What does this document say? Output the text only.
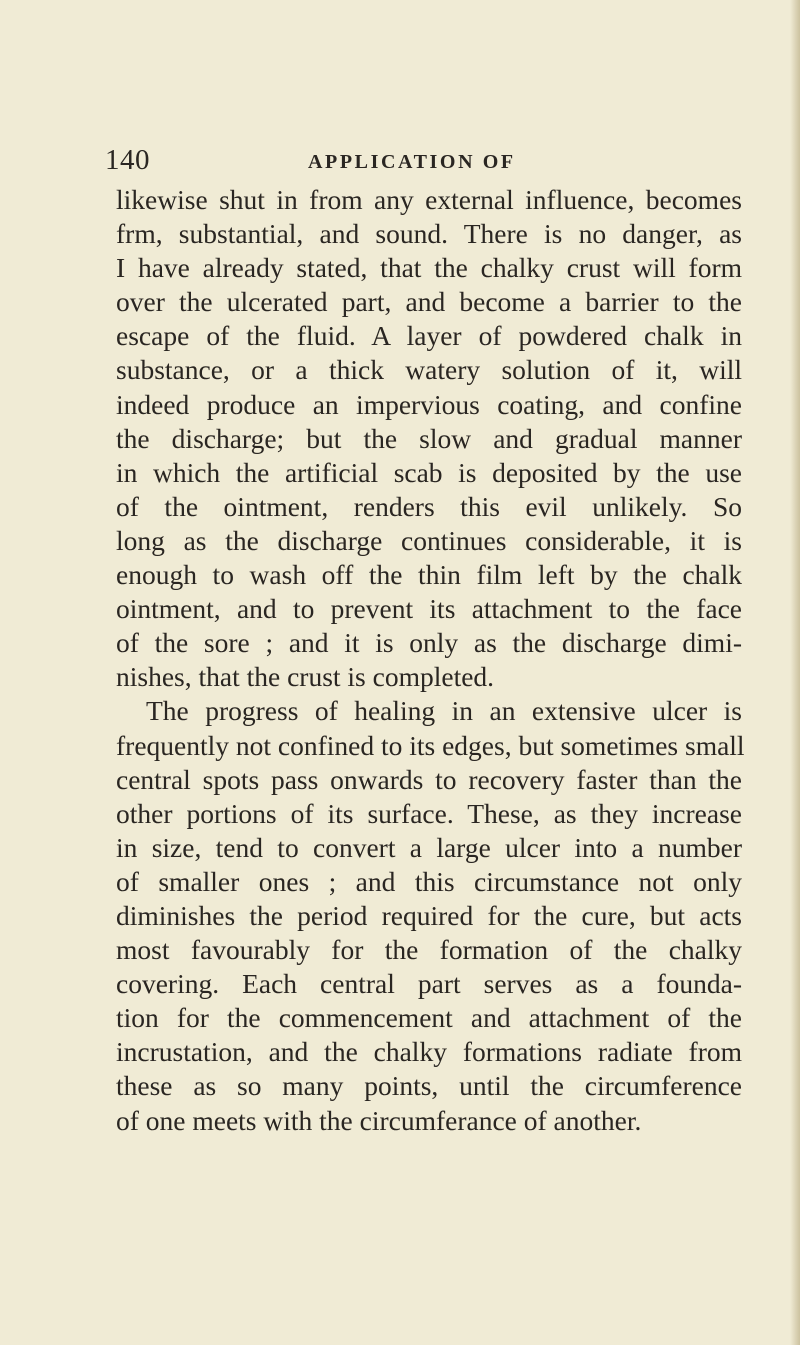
140	APPLICATION OF
likewise shut in from any external influence, becomes
frm, substantial, and sound. There is no danger, as
I have already stated, that the chalky crust will form
over the ulcerated part, and become a barrier to the
escape of the fluid. A layer of powdered chalk in
substance, or a thick watery solution of it, will
indeed produce an impervious coating, and confine
the discharge; but the slow and gradual manner
in which the artificial scab is deposited by the use
of the ointment, renders this evil unlikely. So
long as the discharge continues considerable, it is
enough to wash off the thin film left by the chalk
ointment, and to prevent its attachment to the face
of the sore ; and it is only as the discharge dimi-
nishes, that the crust is completed.
The progress of healing in an extensive ulcer is
frequently not confined to its edges, but sometimes small
central spots pass onwards to recovery faster than the
other portions of its surface. These, as they increase
in size, tend to convert a large ulcer into a number
of smaller ones ; and this circumstance not only
diminishes the period required for the cure, but acts
most favourably for the formation of the chalky
covering. Each central part serves as a founda-
tion for the commencement and attachment of the
incrustation, and the chalky formations radiate from
these as so many points, until the circumference
of one meets with the circumferance of another.
